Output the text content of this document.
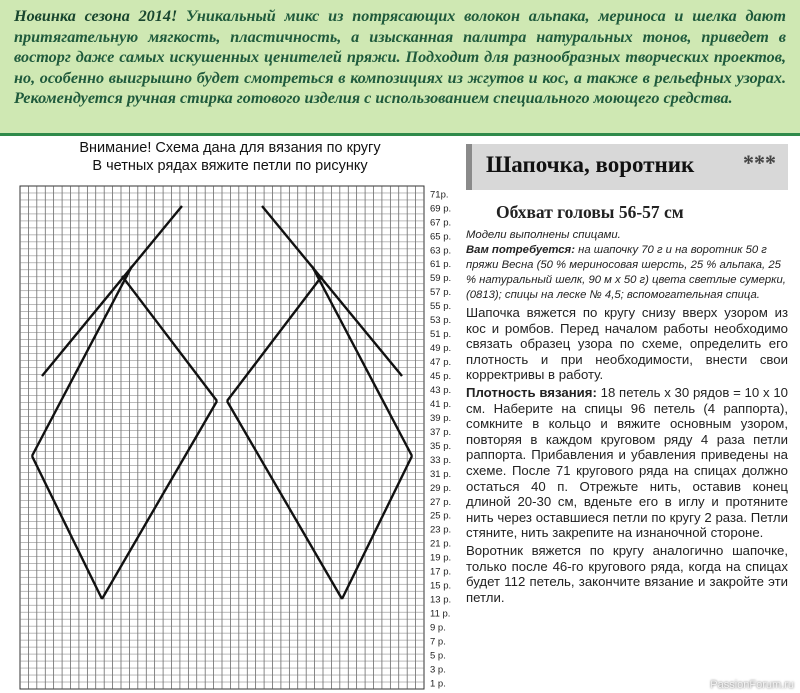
Новинка сезона 2014! Уникальный микс из потрясающих волокон альпака, мериноса и шелка дают притягательную мягкость, пластичность, а изысканная палитра натуральных тонов, приведет в восторг даже самых искушенных ценителей пряжи. Подходит для разнообразных творческих проектов, но, особенно выигрышно будет смотреться в композициях из жгутов и кос, а также в рельефных узорах. Рекомендуется ручная стирка готового изделия с использованием специального моющего средства.

Внимание! Схема дана для вязания по кругу
В четных рядах вяжите петли по рисунку
71р.
69 р.
67 р.
65 р.
63 р.
61 р.
59 р.
57 р.
55 р.
53 р.
51 р.
49 р.
47 р.
45 р.
43 р.
41 р.
39 р.
37 р.
35 р.
33 р.
31 р.
29 р.
27 р.
25 р.
23 р.
21 р.
19 р.
17 р.
15 р.
13 р.
11 р.
9 р.
7 р.
5 р.
3 р.
1 р.
Шапочка, воротник ***
Обхват головы 56-57 см

Модели выполнены спицами.

Вам потребуется: на шапочку 70 г и на воротник 50 г пряжи Весна (50 % мериносовая шерсть, 25 % альпака, 25 % натуральный шелк, 90 м х 50 г) цвета светлые сумерки, (0813); спицы на леске № 4,5; вспомогательная спица.

Шапочка вяжется по кругу снизу вверх узором из кос и ромбов. Перед началом работы необходимо связать образец узора по схеме, определить его плотность и при необходимости, внести свои корректривы в работу.

Плотность вязания: 18 петель х 30 рядов = 10 х 10 см. Наберите на спицы 96 петель (4 раппорта), сомкните в кольцо и вяжите основным узором, повторяя в каждом круговом ряду 4 раза петли раппорта. Прибавления и убавления приведены на схеме. После 71 кругового ряда на спицах должно остаться 40 п. Отрежьте нить, оставив конец длиной 20-30 см, вденьте его в иглу и протяните нить через оставшиеся петли по кругу 2 раза. Петли стяните, нить закрепите на изнаночной стороне.

Воротник вяжется по кругу аналогично шапочке, только после 46-го кругового ряда, когда на спицах будет 112 петель, закончите вязание и закройте эти петли.

PassionForum.ru
